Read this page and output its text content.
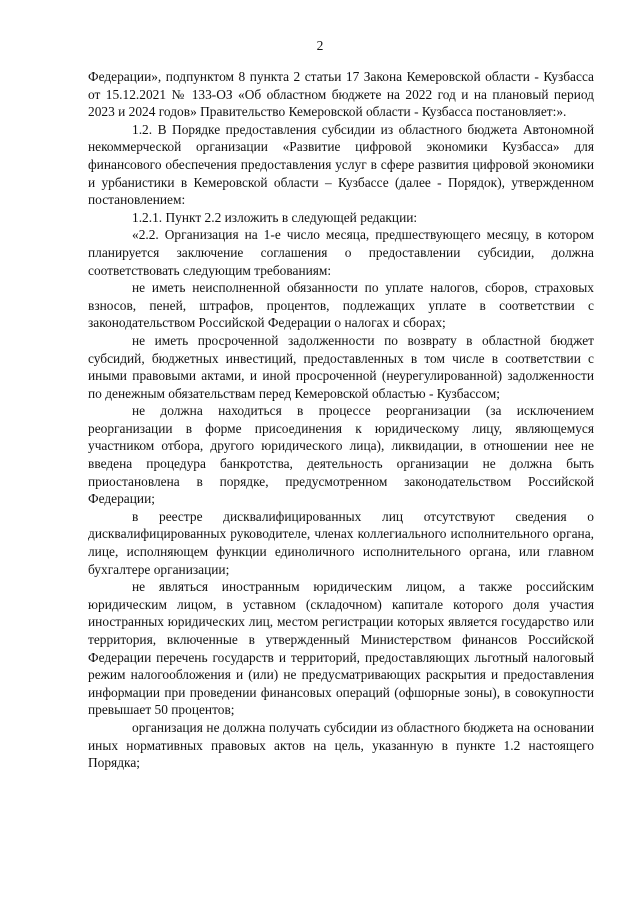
2

Федерации», подпунктом 8 пункта 2 статьи 17 Закона Кемеровской области - Кузбасса от 15.12.2021 № 133-ОЗ «Об областном бюджете на 2022 год и на плановый период 2023 и 2024 годов» Правительство Кемеровской области - Кузбасса постановляет:».

1.2. В Порядке предоставления субсидии из областного бюджета Автономной некоммерческой организации «Развитие цифровой экономики Кузбасса» для финансового обеспечения предоставления услуг в сфере развития цифровой экономики и урбанистики в Кемеровской области – Кузбассе (далее - Порядок), утвержденном постановлением:

1.2.1. Пункт 2.2 изложить в следующей редакции:

«2.2. Организация на 1-е число месяца, предшествующего месяцу, в котором планируется заключение соглашения о предоставлении субсидии, должна соответствовать следующим требованиям:

не иметь неисполненной обязанности по уплате налогов, сборов, страховых взносов, пеней, штрафов, процентов, подлежащих уплате в соответствии с законодательством Российской Федерации о налогах и сборах;

не иметь просроченной задолженности по возврату в областной бюджет субсидий, бюджетных инвестиций, предоставленных в том числе в соответствии с иными правовыми актами, и иной просроченной (неурегулированной) задолженности по денежным обязательствам перед Кемеровской областью - Кузбассом;

не должна находиться в процессе реорганизации (за исключением реорганизации в форме присоединения к юридическому лицу, являющемуся участником отбора, другого юридического лица), ликвидации, в отношении нее не введена процедура банкротства, деятельность организации не должна быть приостановлена в порядке, предусмотренном законодательством Российской Федерации;

в реестре дисквалифицированных лиц отсутствуют сведения о дисквалифицированных руководителе, членах коллегиального исполнительного органа, лице, исполняющем функции единоличного исполнительного органа, или главном бухгалтере организации;

не являться иностранным юридическим лицом, а также российским юридическим лицом, в уставном (складочном) капитале которого доля участия иностранных юридических лиц, местом регистрации которых является государство или территория, включенные в утвержденный Министерством финансов Российской Федерации перечень государств и территорий, предоставляющих льготный налоговый режим налогообложения и (или) не предусматривающих раскрытия и предоставления информации при проведении финансовых операций (офшорные зоны), в совокупности превышает 50 процентов;

организация не должна получать субсидии из областного бюджета на основании иных нормативных правовых актов на цель, указанную в пункте 1.2 настоящего Порядка;
